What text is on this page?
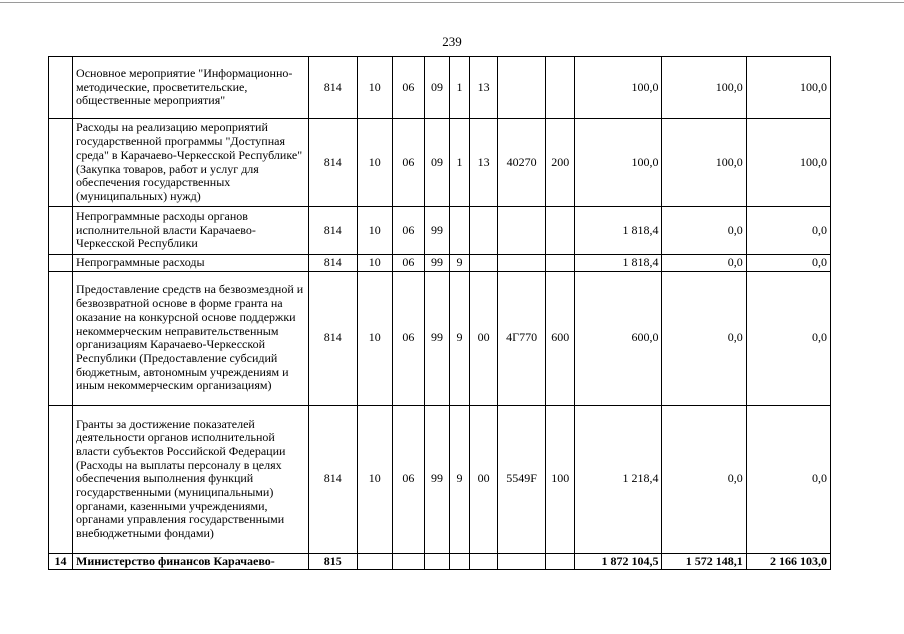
239
	Основное мероприятие "Информационно-методические, просветительские, общественные мероприятия"	814	10	06	09	1	13			100,0	100,0	100,0
	Расходы на реализацию мероприятий государственной программы "Доступная среда" в Карачаево-Черкесской Республике" (Закупка товаров, работ и услуг для обеспечения государственных (муниципальных) нужд)	814	10	06	09	1	13	40270	200	100,0	100,0	100,0
	Непрограммные расходы органов исполнительной власти Карачаево-Черкесской Республики	814	10	06	99					1 818,4	0,0	0,0
	Непрограммные расходы	814	10	06	99	9				1 818,4	0,0	0,0
	Предоставление средств на безвозмездной и безвозвратной основе в форме гранта на оказание на конкурсной основе поддержки некоммерческим неправительственным организациям Карачаево-Черкесской Республики (Предоставление субсидий бюджетным, автономным учреждениям и иным некоммерческим организациям)	814	10	06	99	9	00	4Г770	600	600,0	0,0	0,0
	Гранты за достижение показателей деятельности органов исполнительной власти субъектов Российской Федерации (Расходы на выплаты персоналу в целях обеспечения выполнения функций государственными (муниципальными) органами, казенными учреждениями, органами управления государственными внебюджетными фондами)	814	10	06	99	9	00	5549F	100	1 218,4	0,0	0,0
14	Министерство финансов Карачаево-	815								1 872 104,5	1 572 148,1	2 166 103,0
